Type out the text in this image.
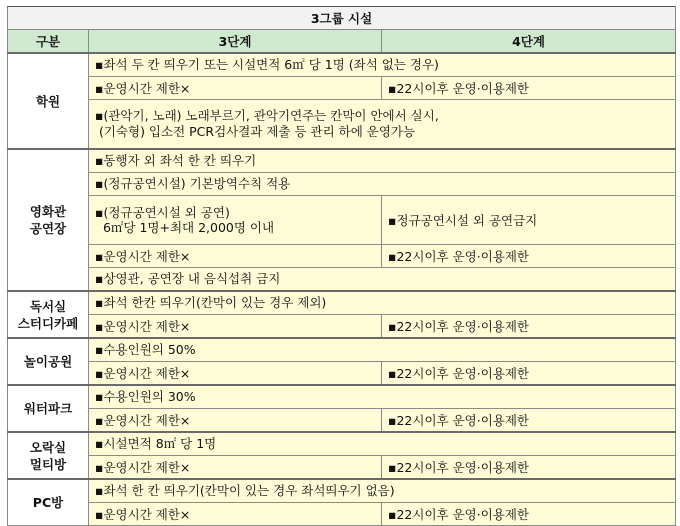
3그룹 시설		
구분	3단계	4단계
학원	▪좌석 두 칸 띄우기 또는 시설면적 6㎡ 당 1명 (좌석 없는 경우)	
	▪운영시간 제한×	▪22시이후 운영·이용제한
	▪(관악기, 노래) 노래부르기, 관악기연주는 칸막이 안에서 실시,
(기숙형) 입소전 PCR검사결과 제출 등 관리 하에 운영가능	
영화관
공연장	▪동행자 외 좌석 한 칸 띄우기	
	▪(정규공연시설) 기본방역수칙 적용	
	▪(정규공연시설 외 공연)
6㎡당 1명+최대 2,000명 이내	▪정규공연시설 외 공연금지
	▪운영시간 제한×	▪22시이후 운영·이용제한
	▪상영관, 공연장 내 음식섭취 금지	
독서실
스터디카페	▪좌석 한칸 띄우기(칸막이 있는 경우 제외)	
	▪운영시간 제한×	▪22시이후 운영·이용제한
놀이공원	▪수용인원의 50%	
	▪운영시간 제한×	▪22시이후 운영·이용제한
워터파크	▪수용인원의 30%	
	▪운영시간 제한×	▪22시이후 운영·이용제한
오락실
멀티방	▪시설면적 8㎡ 당 1명	
	▪운영시간 제한×	▪22시이후 운영·이용제한
PC방	▪좌석 한 칸 띄우기(칸막이 있는 경우 좌석띄우기 없음)	
	▪운영시간 제한×	▪22시이후 운영·이용제한
